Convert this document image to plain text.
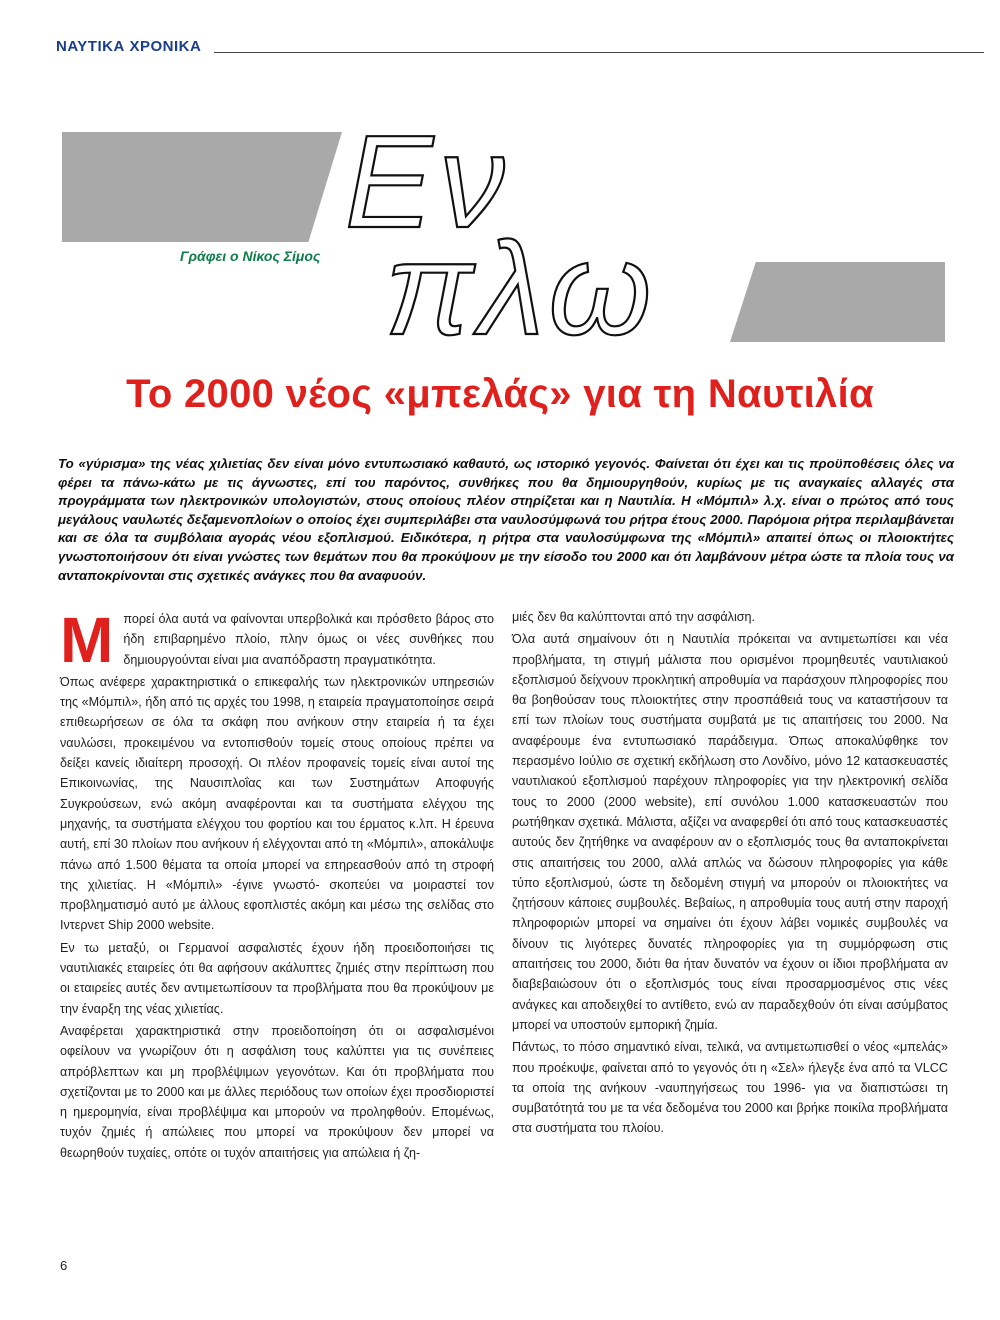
ΝΑΥΤΙΚΑ ΧΡΟΝΙΚΑ
Εν
πλω
Γράφει ο Νίκος Σίμος
Το 2000 νέος «μπελάς» για τη Ναυτιλία
Το «γύρισμα» της νέας χιλιετίας δεν είναι μόνο εντυπωσιακό καθαυτό, ως ιστορικό γεγονός. Φαίνεται ότι έχει και τις προϋποθέσεις όλες να φέρει τα πάνω-κάτω με τις άγνωστες, επί του παρόντος, συνθήκες που θα δημιουργηθούν, κυρίως με τις αναγκαίες αλλαγές στα προγράμματα των ηλεκτρονικών υπολογιστών, στους οποίους πλέον στηρίζεται και η Ναυτιλία. Η «Μόμπιλ» λ.χ. είναι ο πρώτος από τους μεγάλους ναυλωτές δεξαμενοπλοίων ο οποίος έχει συμπεριλάβει στα ναυλοσύμφωνά του ρήτρα έτους 2000. Παρόμοια ρήτρα περιλαμβάνεται και σε όλα τα συμβόλαια αγοράς νέου εξοπλισμού. Ειδικότερα, η ρήτρα στα ναυλοσύμφωνα της «Μόμπιλ» απαιτεί όπως οι πλοιοκτήτες γνωστοποιήσουν ότι είναι γνώστες των θεμάτων που θα προκύψουν με την είσοδο του 2000 και ότι λαμβάνουν μέτρα ώστε τα πλοία τους να ανταποκρίνονται στις σχετικές ανάγκες που θα αναφυούν.

Μπορεί όλα αυτά να φαίνονται υπερβολικά και πρόσθετο βάρος στο ήδη επιβαρημένο πλοίο, πλην όμως οι νέες συνθήκες που δημιουργούνται είναι μια αναπόδραστη πραγματικότητα.

Όπως ανέφερε χαρακτηριστικά ο επικεφαλής των ηλεκτρονικών υπηρεσιών της «Μόμπιλ», ήδη από τις αρχές του 1998, η εταιρεία πραγματοποίησε σειρά επιθεωρήσεων σε όλα τα σκάφη που ανήκουν στην εταιρεία ή τα έχει ναυλώσει, προκειμένου να εντοπισθούν τομείς στους οποίους πρέπει να δείξει κανείς ιδιαίτερη προσοχή. Οι πλέον προφανείς τομείς είναι αυτοί της Επικοινωνίας, της Ναυσιπλοΐας και των Συστημάτων Αποφυγής Συγκρούσεων, ενώ ακόμη αναφέρονται και τα συστήματα ελέγχου της μηχανής, τα συστήματα ελέγχου του φορτίου και του έρματος κ.λπ. Η έρευνα αυτή, επί 30 πλοίων που ανήκουν ή ελέγχονται από τη «Μόμπιλ», αποκάλυψε πάνω από 1.500 θέματα τα οποία μπορεί να επηρεασθούν από τη στροφή της χιλιετίας. Η «Μόμπιλ» -έγινε γνωστό- σκοπεύει να μοιραστεί τον προβληματισμό αυτό με άλλους εφοπλιστές ακόμη και μέσω της σελίδας στο Ιντερνετ Ship 2000 website.

Εν τω μεταξύ, οι Γερμανοί ασφαλιστές έχουν ήδη προειδοποιήσει τις ναυτιλιακές εταιρείες ότι θα αφήσουν ακάλυπτες ζημιές στην περίπτωση που οι εταιρείες αυτές δεν αντιμετωπίσουν τα προβλήματα που θα προκύψουν με την έναρξη της νέας χιλιετίας.

Αναφέρεται χαρακτηριστικά στην προειδοποίηση ότι οι ασφαλισμένοι οφείλουν να γνωρίζουν ότι η ασφάλιση τους καλύπτει για τις συνέπειες απρόβλεπτων και μη προβλέψιμων γεγονότων. Και ότι προβλήματα που σχετίζονται με το 2000 και με άλλες περιόδους των οποίων έχει προσδιοριστεί η ημερομηνία, είναι προβλέψιμα και μπορούν να προληφθούν. Επομένως, τυχόν ζημιές ή απώλειες που μπορεί να προκύψουν δεν μπορεί να θεωρηθούν τυχαίες, οπότε οι τυχόν απαιτήσεις για απώλεια ή ζη-

μιές δεν θα καλύπτονται από την ασφάλιση.

Όλα αυτά σημαίνουν ότι η Ναυτιλία πρόκειται να αντιμετωπίσει και νέα προβλήματα, τη στιγμή μάλιστα που ορισμένοι προμηθευτές ναυτιλιακού εξοπλισμού δείχνουν προκλητική απροθυμία να παράσχουν πληροφορίες που θα βοηθούσαν τους πλοιοκτήτες στην προσπάθειά τους να καταστήσουν τα επί των πλοίων τους συστήματα συμβατά με τις απαιτήσεις του 2000. Να αναφέρουμε ένα εντυπωσιακό παράδειγμα. Όπως αποκαλύφθηκε τον περασμένο Ιούλιο σε σχετική εκδήλωση στο Λονδίνο, μόνο 12 κατασκευαστές ναυτιλιακού εξοπλισμού παρέχουν πληροφορίες για την ηλεκτρονική σελίδα τους το 2000 (2000 website), επί συνόλου 1.000 κατασκευαστών που ρωτήθηκαν σχετικά. Μάλιστα, αξίζει να αναφερθεί ότι από τους κατασκευαστές αυτούς δεν ζητήθηκε να αναφέρουν αν ο εξοπλισμός τους θα ανταποκρίνεται στις απαιτήσεις του 2000, αλλά απλώς να δώσουν πληροφορίες για κάθε τύπο εξοπλισμού, ώστε τη δεδομένη στιγμή να μπορούν οι πλοιοκτήτες να ζητήσουν κάποιες συμβουλές. Βεβαίως, η απροθυμία τους αυτή στην παροχή πληροφοριών μπορεί να σημαίνει ότι έχουν λάβει νομικές συμβουλές να δίνουν τις λιγότερες δυνατές πληροφορίες για τη συμμόρφωση στις απαιτήσεις του 2000, διότι θα ήταν δυνατόν να έχουν οι ίδιοι προβλήματα αν διαβεβαιώσουν ότι ο εξοπλισμός τους είναι προσαρμοσμένος στις νέες ανάγκες και αποδειχθεί το αντίθετο, ενώ αν παραδεχθούν ότι είναι ασύμβατος μπορεί να υποστούν εμπορική ζημία.

Πάντως, το πόσο σημαντικό είναι, τελικά, να αντιμετωπισθεί ο νέος «μπελάς» που προέκυψε, φαίνεται από το γεγονός ότι η «Σελ» ήλεγξε ένα από τα VLCC τα οποία της ανήκουν -ναυπηγήσεως του 1996- για να διαπιστώσει τη συμβατότητά του με τα νέα δεδομένα του 2000 και βρήκε ποικίλα προβλήματα στα συστήματα του πλοίου.

6
